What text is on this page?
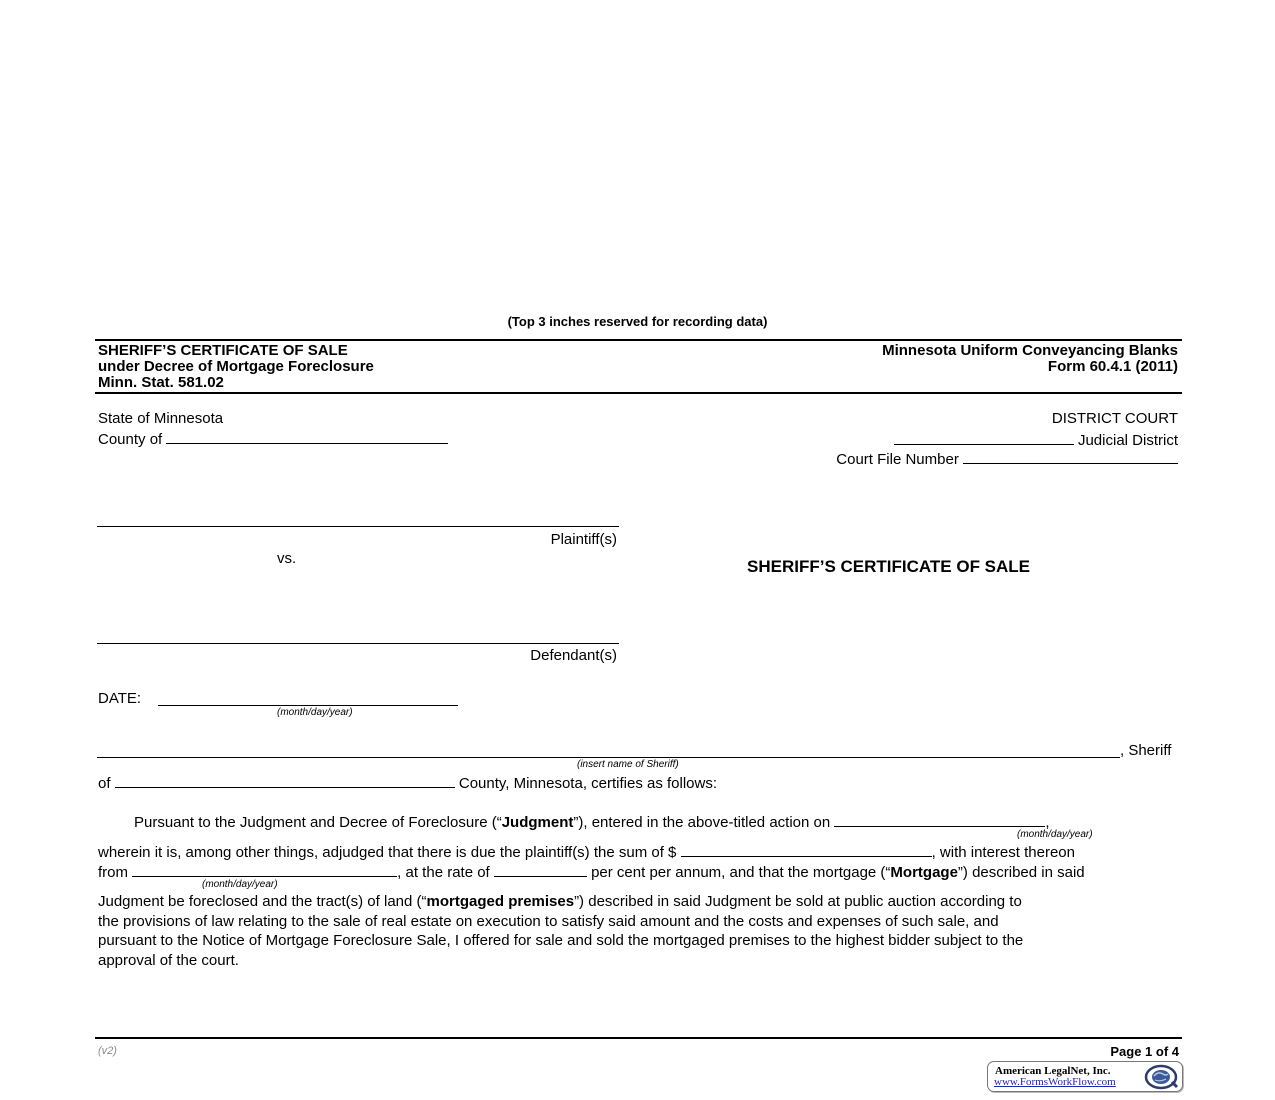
(Top 3 inches reserved for recording data)
SHERIFF’S CERTIFICATE OF SALE
under Decree of Mortgage Foreclosure
Minn. Stat. 581.02
Minnesota Uniform Conveyancing Blanks
Form 60.4.1 (2011)
State of Minnesota
County of
DISTRICT COURT
Judicial District
Court File Number
Plaintiff(s)
vs.
Defendant(s)
SHERIFF’S CERTIFICATE OF SALE
DATE:
(month/day/year)
, Sheriff
(insert name of Sheriff)
of	County, Minnesota, certifies as follows:
Pursuant to the Judgment and Decree of Foreclosure (“Judgment”), entered in the above-titled action on	,
(month/day/year)
wherein it is, among other things, adjudged that there is due the plaintiff(s) the sum of $	, with interest thereon
from	, at the rate of	per cent per annum, and that the mortgage (“Mortgage”) described in said
(month/day/year)
Judgment be foreclosed and the tract(s) of land (“mortgaged premises”) described in said Judgment be sold at public auction according to
the provisions of law relating to the sale of real estate on execution to satisfy said amount and the costs and expenses of such sale, and
pursuant to the Notice of Mortgage Foreclosure Sale, I offered for sale and sold the mortgaged premises to the highest bidder subject to the
approval of the court.
(v2)	Page 1 of 4
American LegalNet, Inc.
www.FormsWorkFlow.com
